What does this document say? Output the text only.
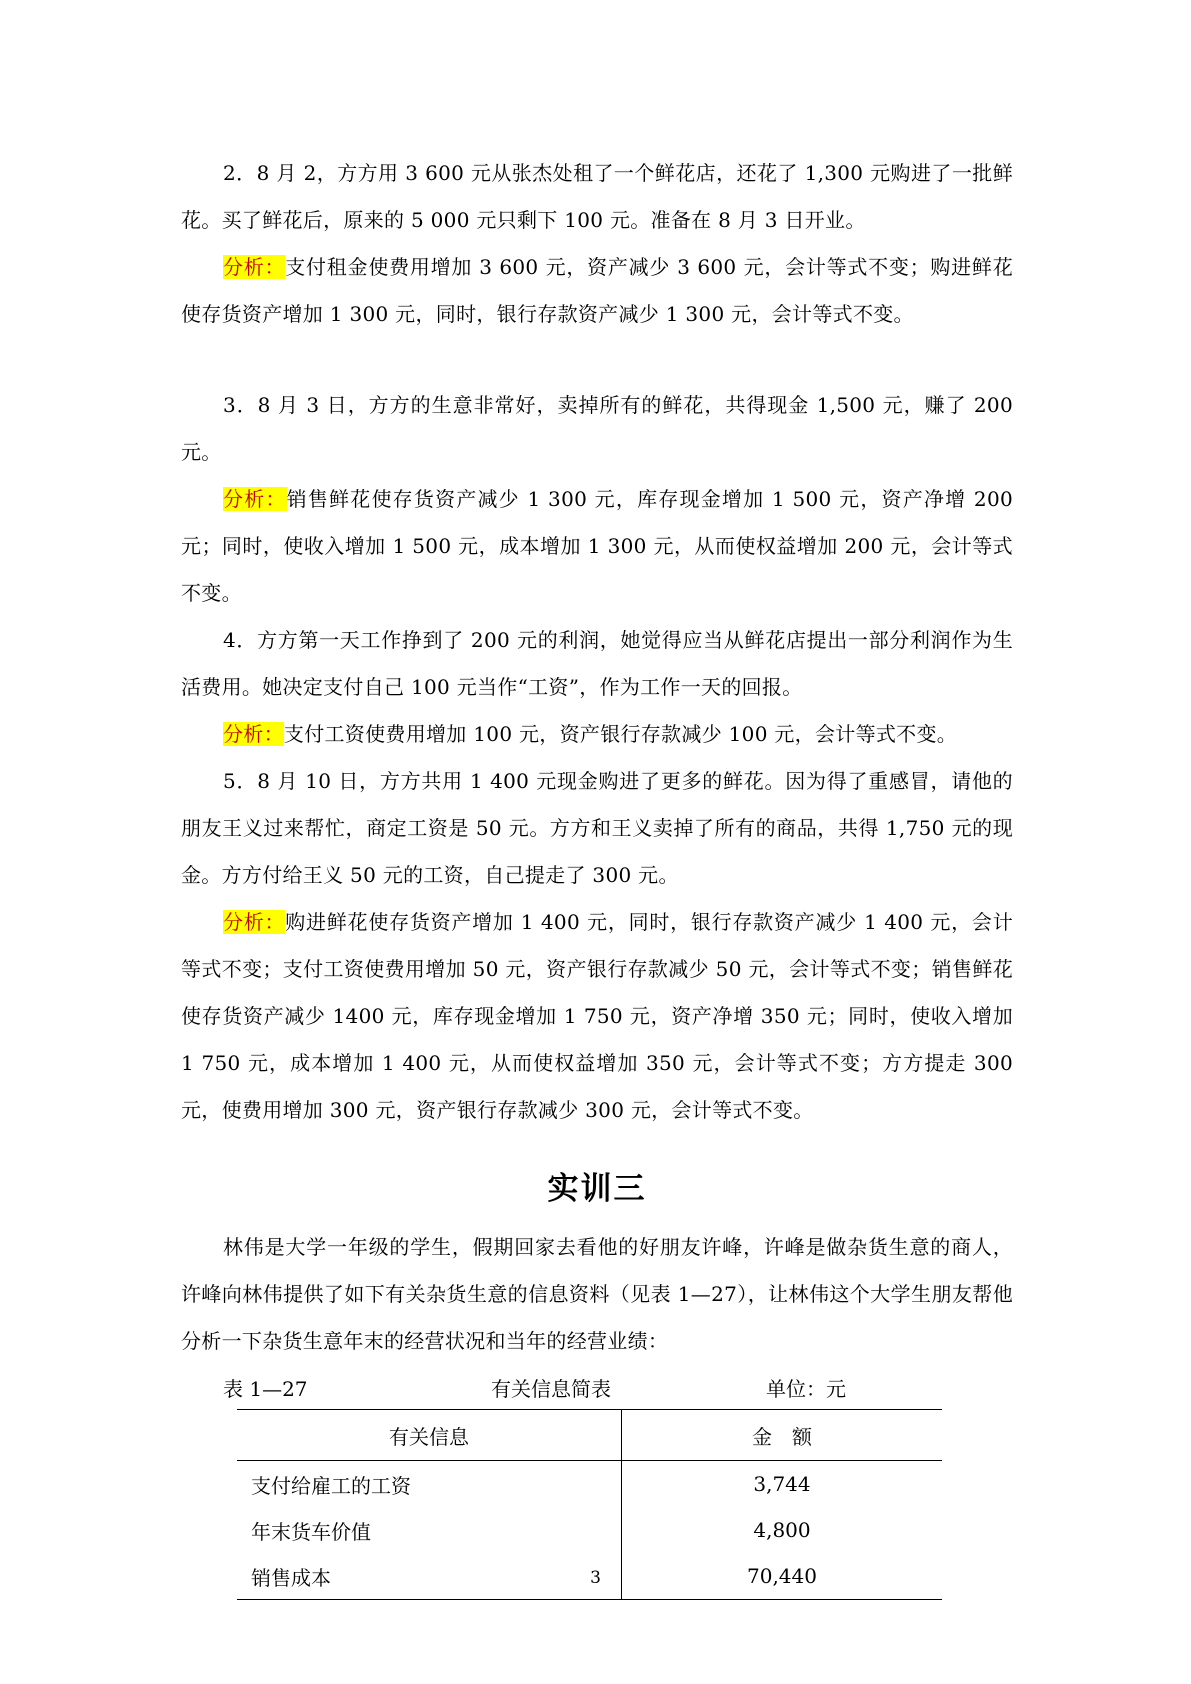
2．8 月 2，方方用 3 600 元从张杰处租了一个鲜花店，还花了 1,300 元购进了一批鲜花。买了鲜花后，原来的 5 000 元只剩下 100 元。准备在 8 月 3 日开业。

分析：支付租金使费用增加 3 600 元，资产减少 3 600 元，会计等式不变；购进鲜花使存货资产增加 1 300 元，同时，银行存款资产减少 1 300 元，会计等式不变。

3．8 月 3 日，方方的生意非常好，卖掉所有的鲜花，共得现金 1,500 元，赚了 200 元。

分析：销售鲜花使存货资产减少 1 300 元，库存现金增加 1 500 元，资产净增 200 元；同时，使收入增加 1 500 元，成本增加 1 300 元，从而使权益增加 200 元，会计等式不变。

4．方方第一天工作挣到了 200 元的利润，她觉得应当从鲜花店提出一部分利润作为生活费用。她决定支付自己 100 元当作“工资”，作为工作一天的回报。

分析：支付工资使费用增加 100 元，资产银行存款减少 100 元，会计等式不变。

5．8 月 10 日，方方共用 1 400 元现金购进了更多的鲜花。因为得了重感冒，请他的朋友王义过来帮忙，商定工资是 50 元。方方和王义卖掉了所有的商品，共得 1,750 元的现金。方方付给王义 50 元的工资，自己提走了 300 元。

分析：购进鲜花使存货资产增加 1 400 元，同时，银行存款资产减少 1 400 元，会计等式不变；支付工资使费用增加 50 元，资产银行存款减少 50 元，会计等式不变；销售鲜花使存货资产减少 1400 元，库存现金增加 1 750 元，资产净增 350 元；同时，使收入增加 1 750 元，成本增加 1 400 元，从而使权益增加 350 元，会计等式不变；方方提走 300 元，使费用增加 300 元，资产银行存款减少 300 元，会计等式不变。

实训三

林伟是大学一年级的学生，假期回家去看他的好朋友许峰，许峰是做杂货生意的商人，许峰向林伟提供了如下有关杂货生意的信息资料（见表 1—27），让林伟这个大学生朋友帮他分析一下杂货生意年末的经营状况和当年的经营业绩：

表 1—27	有关信息简表	单位：元
有关信息	金　额
支付给雇工的工资	3,744
年末货车价值	4,800
销售成本	70,440
3
